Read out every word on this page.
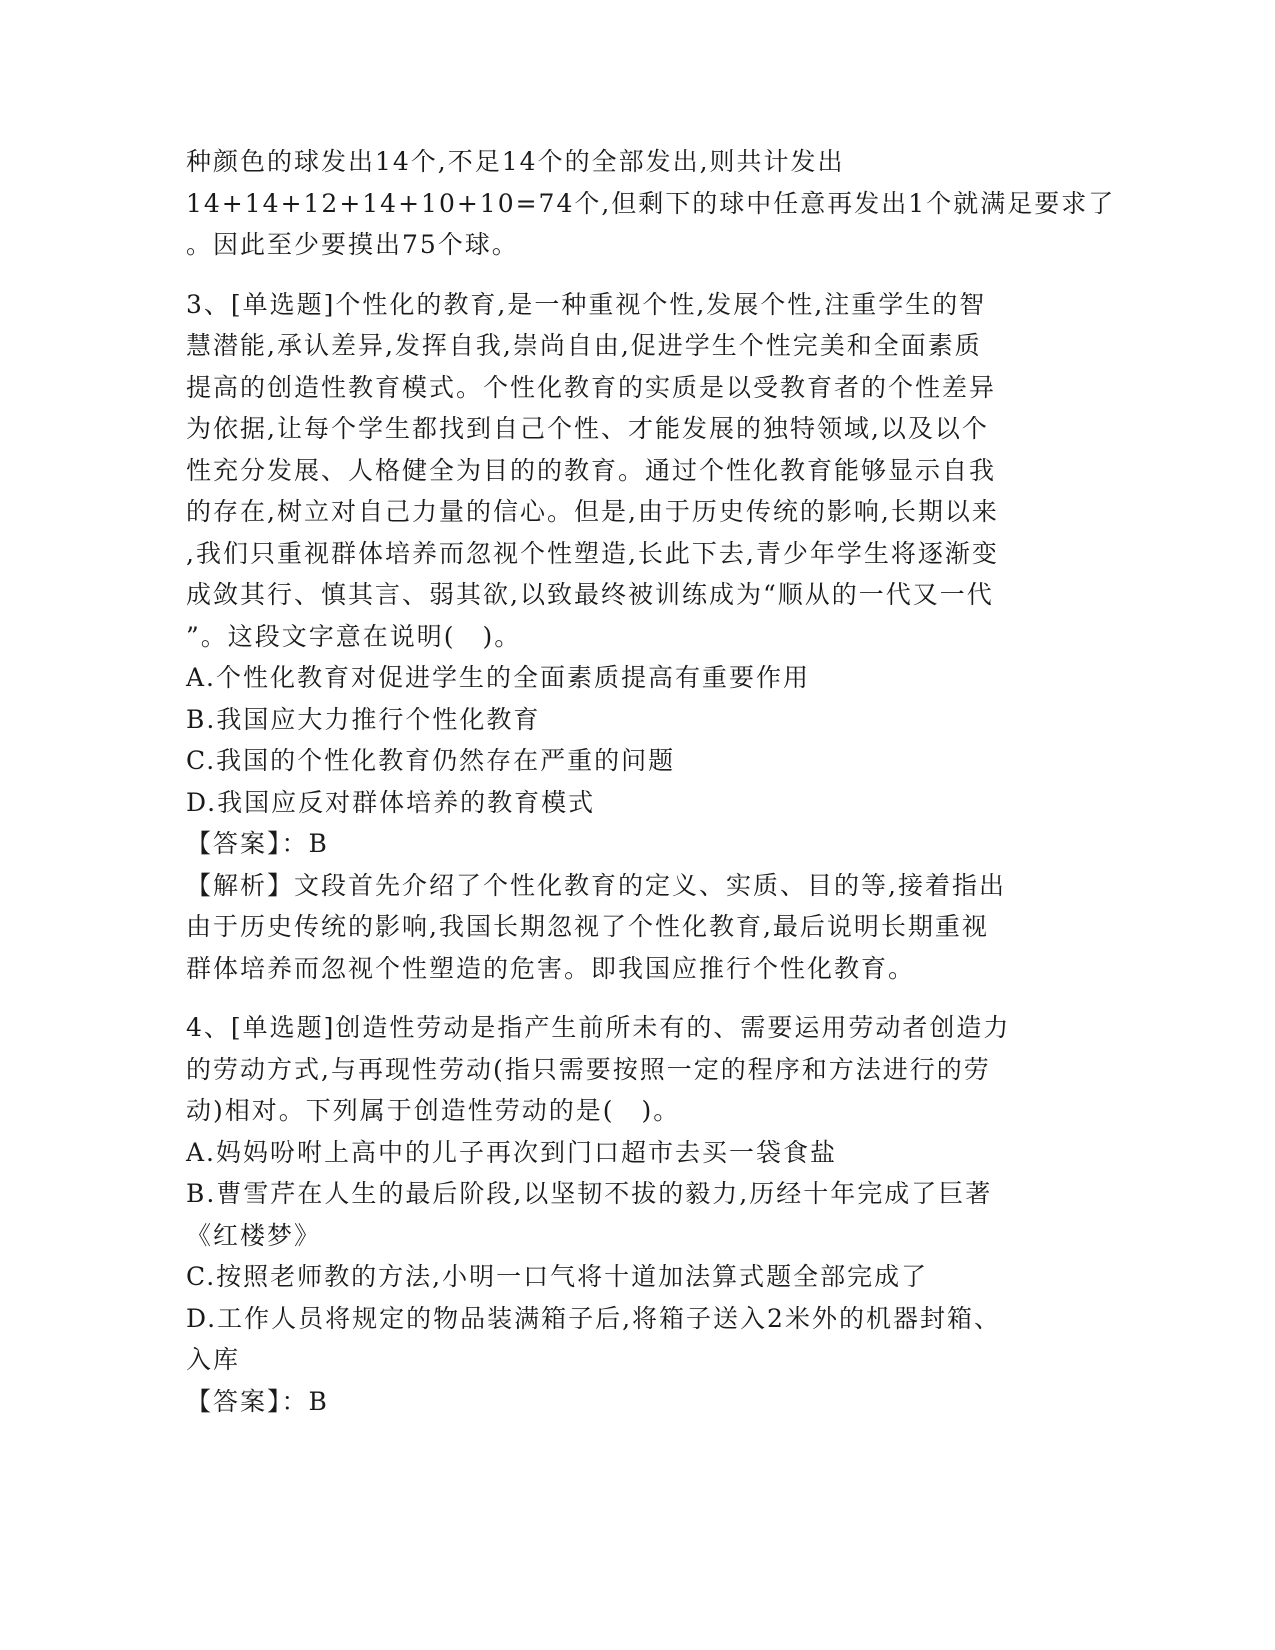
种颜色的球发出14个,不足14个的全部发出,则共计发出
14+14+12+14+10+10=74个,但剩下的球中任意再发出1个就满足要求了
。因此至少要摸出75个球。
3、[单选题]个性化的教育,是一种重视个性,发展个性,注重学生的智
慧潜能,承认差异,发挥自我,崇尚自由,促进学生个性完美和全面素质
提高的创造性教育模式。个性化教育的实质是以受教育者的个性差异
为依据,让每个学生都找到自己个性、才能发展的独特领域,以及以个
性充分发展、人格健全为目的的教育。通过个性化教育能够显示自我
的存在,树立对自己力量的信心。但是,由于历史传统的影响,长期以来
,我们只重视群体培养而忽视个性塑造,长此下去,青少年学生将逐渐变
成敛其行、慎其言、弱其欲,以致最终被训练成为“顺从的一代又一代
”。这段文字意在说明(　)。
A.个性化教育对促进学生的全面素质提高有重要作用
B.我国应大力推行个性化教育
C.我国的个性化教育仍然存在严重的问题
D.我国应反对群体培养的教育模式
【答案】：B
【解析】文段首先介绍了个性化教育的定义、实质、目的等,接着指出
由于历史传统的影响,我国长期忽视了个性化教育,最后说明长期重视
群体培养而忽视个性塑造的危害。即我国应推行个性化教育。
4、[单选题]创造性劳动是指产生前所未有的、需要运用劳动者创造力
的劳动方式,与再现性劳动(指只需要按照一定的程序和方法进行的劳
动)相对。下列属于创造性劳动的是(　)。
A.妈妈吩咐上高中的儿子再次到门口超市去买一袋食盐
B.曹雪芹在人生的最后阶段,以坚韧不拔的毅力,历经十年完成了巨著
《红楼梦》
C.按照老师教的方法,小明一口气将十道加法算式题全部完成了
D.工作人员将规定的物品装满箱子后,将箱子送入2米外的机器封箱、
入库
【答案】：B
